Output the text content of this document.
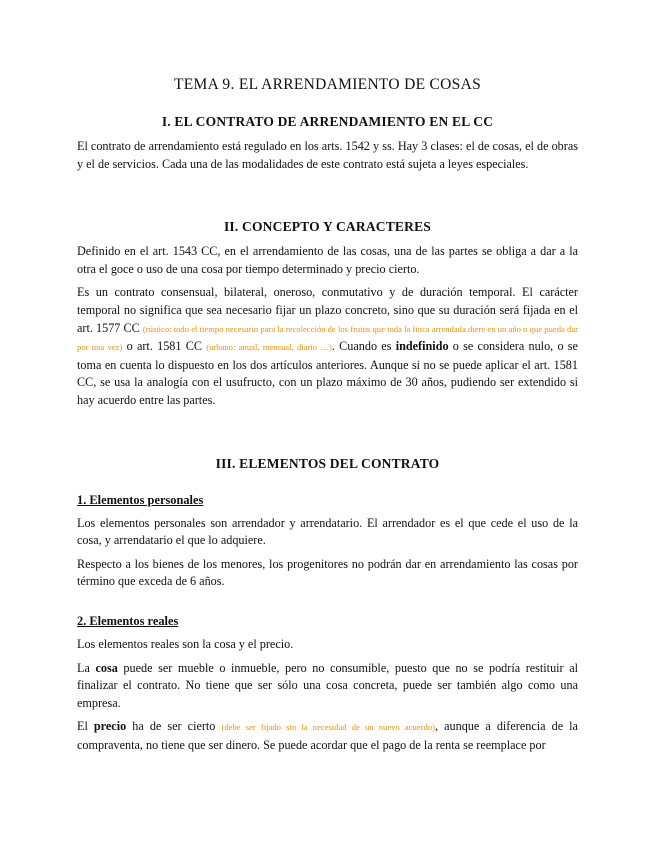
TEMA 9. EL ARRENDAMIENTO DE COSAS
I. EL CONTRATO DE ARRENDAMIENTO EN EL CC

El contrato de arrendamiento está regulado en los arts. 1542 y ss. Hay 3 clases: el de cosas, el de obras y el de servicios. Cada una de las modalidades de este contrato está sujeta a leyes especiales.

II. CONCEPTO Y CARACTERES

Definido en el art. 1543 CC, en el arrendamiento de las cosas, una de las partes se obliga a dar a la otra el goce o uso de una cosa por tiempo determinado y precio cierto.

Es un contrato consensual, bilateral, oneroso, conmutativo y de duración temporal. El carácter temporal no significa que sea necesario fijar un plazo concreto, sino que su duración será fijada en el art. 1577 CC (rústico: todo el tiempo necesario para la recolección de los frutos que toda la finca arrendada diere en un año o que pueda dar por una vez) o art. 1581 CC (urbano: anual, mensual, diario …). Cuando es indefinido o se considera nulo, o se toma en cuenta lo dispuesto en los dos artículos anteriores. Aunque si no se puede aplicar el art. 1581 CC, se usa la analogía con el usufructo, con un plazo máximo de 30 años, pudiendo ser extendido si hay acuerdo entre las partes.

III. ELEMENTOS DEL CONTRATO
1. Elementos personales

Los elementos personales son arrendador y arrendatario. El arrendador es el que cede el uso de la cosa, y arrendatario el que lo adquiere.

Respecto a los bienes de los menores, los progenitores no podrán dar en arrendamiento las cosas por término que exceda de 6 años.

2. Elementos reales

Los elementos reales son la cosa y el precio.

La cosa puede ser mueble o inmueble, pero no consumible, puesto que no se podría restituir al finalizar el contrato. No tiene que ser sólo una cosa concreta, puede ser también algo como una empresa.

El precio ha de ser cierto (debe ser fijado sin la necesidad de un nuevo acuerdo), aunque a diferencia de la compraventa, no tiene que ser dinero. Se puede acordar que el pago de la renta se reemplace por
